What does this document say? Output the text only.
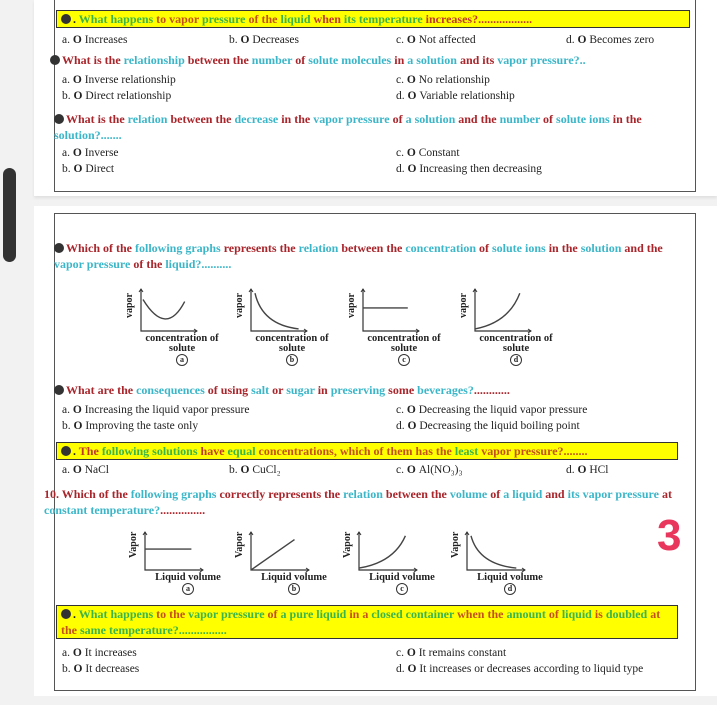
. What happens to vapor pressure of the liquid when its temperature increases?..................
a. O Increases	b. O Decreases	c. O Not affected	d. O Becomes zero
What is the relationship between the number of solute molecules in a solution and its vapor pressure?..
a. O Inverse relationship
b. O Direct relationship
c. O No relationship
d. O Variable relationship
What is the relation between the decrease in the vapor pressure of a solution and the number of solute ions in the solution?.......
a. O Inverse
b. O Direct
c. O Constant
d. O Increasing then decreasing
Which of the following graphs represents the relation between the concentration of solute ions in the solution and the vapor pressure of the liquid?..........
vapor
concentration of
solute
a
vapor
concentration of
solute
b
vapor
concentration of
solute
c
vapor
concentration of
solute
d
3
What are the consequences of using salt or sugar in preserving some beverages?............
a. O Increasing the liquid vapor pressure
b. O Improving the taste only
c. O Decreasing the liquid vapor pressure
d. O Decreasing the liquid boiling point
. The following solutions have equal concentrations, which of them has the least vapor pressure?........
a. O NaCl	b. O CuCl₂	c. O Al(NO₃)₃	d. O HCl
10. Which of the following graphs correctly represents the relation between the volume of a liquid and its vapor pressure at constant temperature?...............
Vapor
Liquid volume
a
Vapor
Liquid volume
b
Vapor
Liquid volume
c
Vapor
Liquid volume
d
. What happens to the vapor pressure of a pure liquid in a closed container when the amount of liquid is doubled at the same temperature?................
a. O It increases
b. O It decreases
c. O It remains constant
d. O It increases or decreases according to liquid type
